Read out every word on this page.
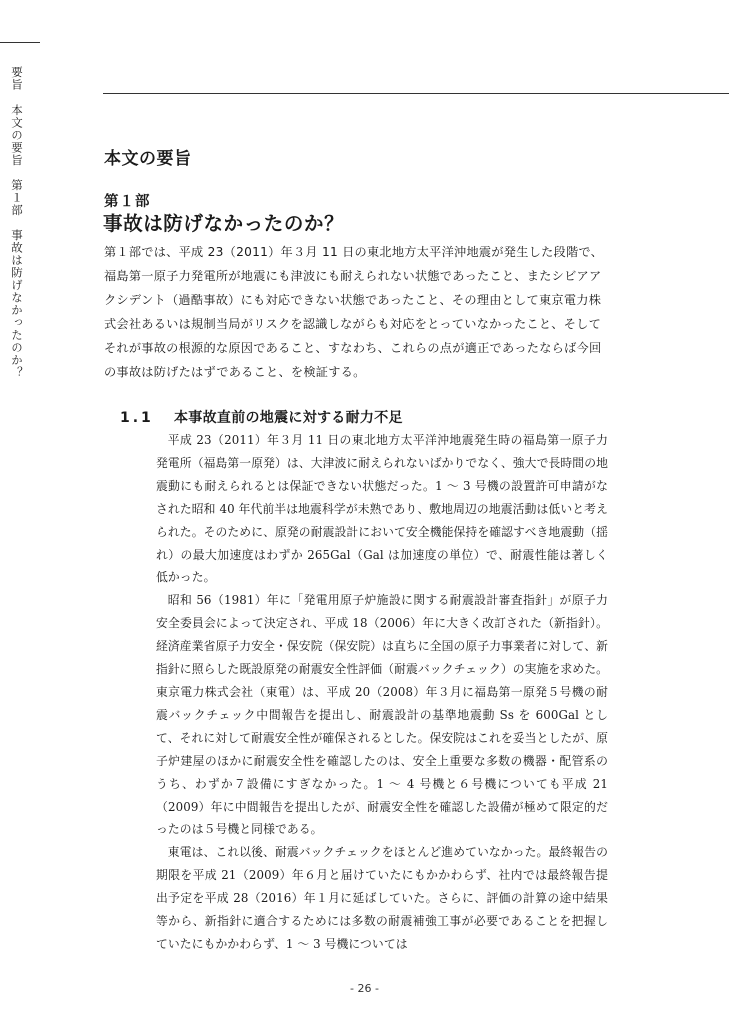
要旨 本文の要旨 第１部 事故は防げなかったのか？
本文の要旨
第１部
事故は防げなかったのか？
第１部では、平成 23（2011）年３月 11 日の東北地方太平洋沖地震が発生した段階で、福島第一原子力発電所が地震にも津波にも耐えられない状態であったこと、またシビアアクシデント（過酷事故）にも対応できない状態であったこと、その理由として東京電力株式会社あるいは規制当局がリスクを認識しながらも対応をとっていなかったこと、そしてそれが事故の根源的な原因であること、すなわち、これらの点が適正であったならば今回の事故は防げたはずであること、を検証する。
1.1 本事故直前の地震に対する耐力不足

平成 23（2011）年３月 11 日の東北地方太平洋沖地震発生時の福島第一原子力発電所（福島第一原発）は、大津波に耐えられないばかりでなく、強大で長時間の地震動にも耐えられるとは保証できない状態だった。1 ～ 3 号機の設置許可申請がなされた昭和 40 年代前半は地震科学が未熟であり、敷地周辺の地震活動は低いと考えられた。そのために、原発の耐震設計において安全機能保持を確認すべき地震動（揺れ）の最大加速度はわずか 265Gal（Gal は加速度の単位）で、耐震性能は著しく低かった。

昭和 56（1981）年に「発電用原子炉施設に関する耐震設計審査指針」が原子力安全委員会によって決定され、平成 18（2006）年に大きく改訂された（新指針）。経済産業省原子力安全・保安院（保安院）は直ちに全国の原子力事業者に対して、新指針に照らした既設原発の耐震安全性評価（耐震バックチェック）の実施を求めた。東京電力株式会社（東電）は、平成 20（2008）年３月に福島第一原発５号機の耐震バックチェック中間報告を提出し、耐震設計の基準地震動 Ss を 600Gal として、それに対して耐震安全性が確保されるとした。保安院はこれを妥当としたが、原子炉建屋のほかに耐震安全性を確認したのは、安全上重要な多数の機器・配管系のうち、わずか７設備にすぎなかった。1 ～ 4 号機と６号機についても平成 21（2009）年に中間報告を提出したが、耐震安全性を確認した設備が極めて限定的だったのは５号機と同様である。

東電は、これ以後、耐震バックチェックをほとんど進めていなかった。最終報告の期限を平成 21（2009）年６月と届けていたにもかかわらず、社内では最終報告提出予定を平成 28（2016）年１月に延ばしていた。さらに、評価の計算の途中結果等から、新指針に適合するためには多数の耐震補強工事が必要であることを把握していたにもかかわらず、1 ～ 3 号機については

- 26 -
